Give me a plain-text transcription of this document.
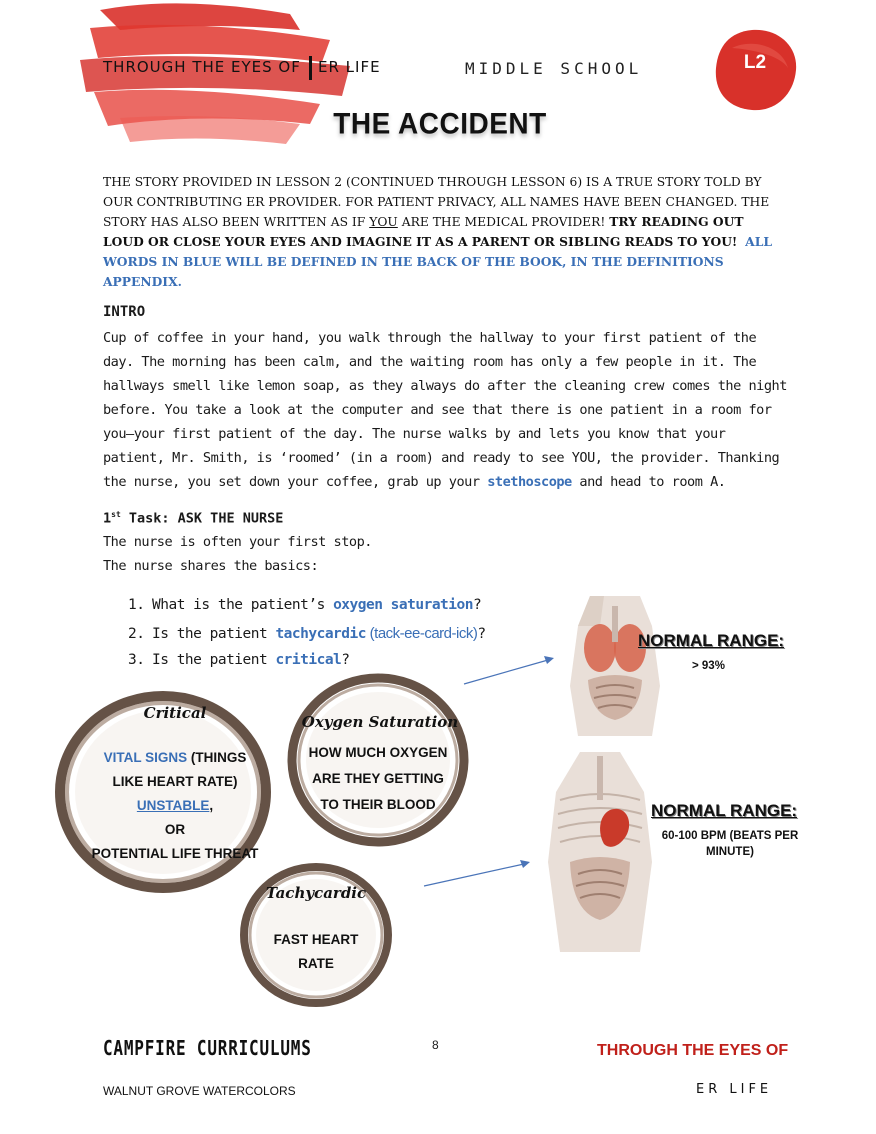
THROUGH THE EYES OF ER LIFE	MIDDLE SCHOOL	L2
THE ACCIDENT
THE STORY PROVIDED IN LESSON 2 (CONTINUED THROUGH LESSON 6) IS A TRUE STORY TOLD BY OUR CONTRIBUTING ER PROVIDER. FOR PATIENT PRIVACY, ALL NAMES HAVE BEEN CHANGED. THE STORY HAS ALSO BEEN WRITTEN AS IF YOU ARE THE MEDICAL PROVIDER! TRY READING OUT LOUD OR CLOSE YOUR EYES AND IMAGINE IT AS A PARENT OR SIBLING READS TO YOU! ALL WORDS IN BLUE WILL BE DEFINED IN THE BACK OF THE BOOK, IN THE DEFINITIONS APPENDIX.
INTRO
Cup of coffee in your hand, you walk through the hallway to your first patient of the day. The morning has been calm, and the waiting room has only a few people in it. The hallways smell like lemon soap, as they always do after the cleaning crew comes the night before. You take a look at the computer and see that there is one patient in a room for you—your first patient of the day. The nurse walks by and lets you know that your patient, Mr. Smith, is ‘roomed’ (in a room) and ready to see YOU, the provider. Thanking the nurse, you set down your coffee, grab up your stethoscope and head to room A.
1st Task: ASK THE NURSE
The nurse is often your first stop.
The nurse shares the basics:
1. What is the patient’s oxygen saturation?
2. Is the patient tachycardic (tack-ee-card-ick)?
3. Is the patient critical?
Critical
VITAL SIGNS (THINGS
LIKE HEART RATE)
UNSTABLE,
OR
POTENTIAL LIFE THREAT
Oxygen Saturation
HOW MUCH OXYGEN
ARE THEY GETTING
TO THEIR BLOOD
Tachycardic
FAST HEART
RATE
NORMAL RANGE:
> 93%
NORMAL RANGE:
60-100 BPM (BEATS PER
MINUTE)
CAMPFIRE CURRICULUMS	8	THROUGH THE EYES OF
WALNUT GROVE WATERCOLORS	ER LIFE
